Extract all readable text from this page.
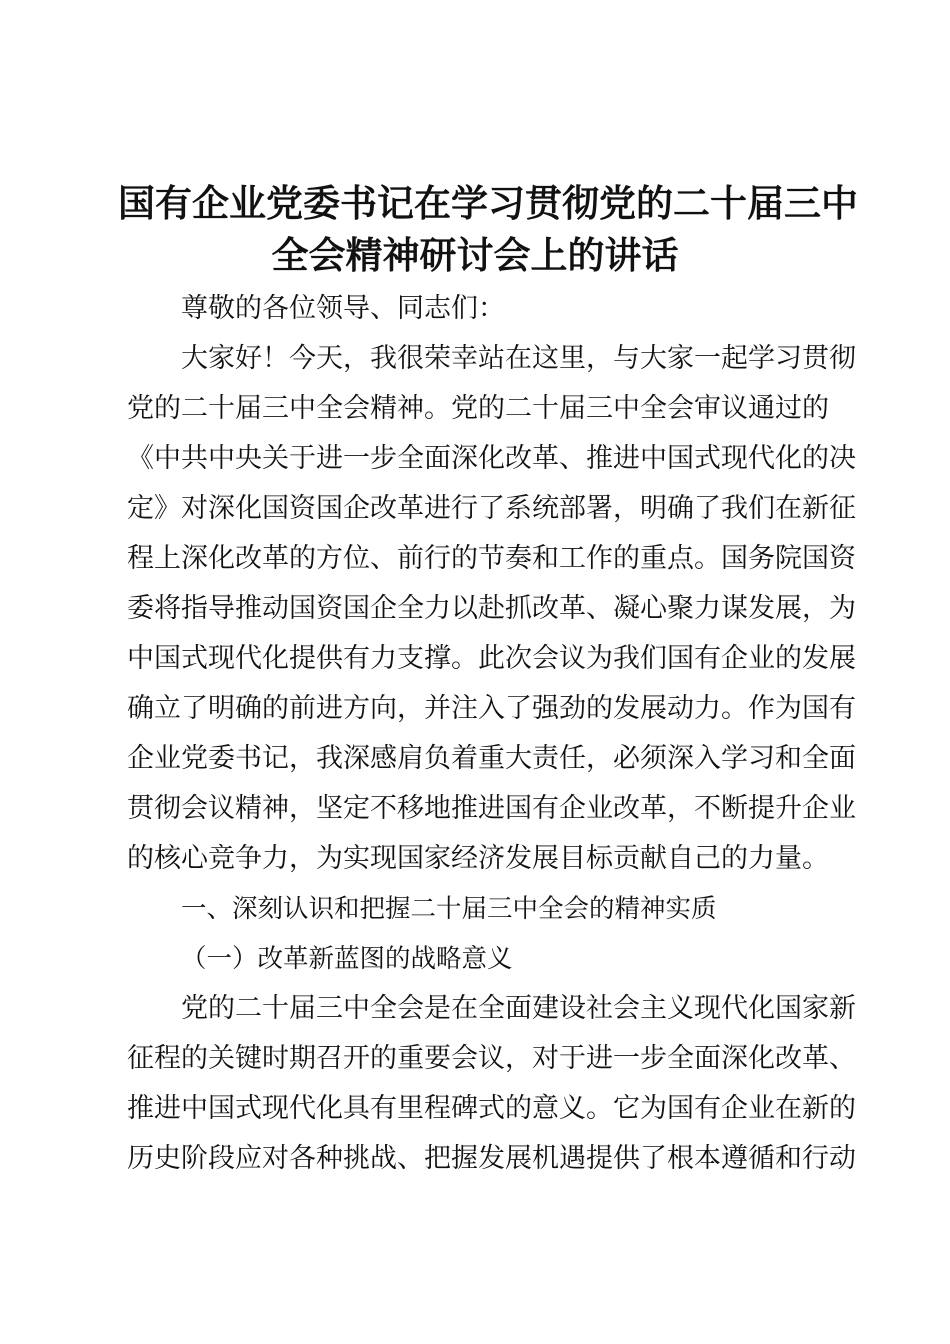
国有企业党委书记在学习贯彻党的二十届三中
全会精神研讨会上的讲话

尊敬的各位领导、同志们：

大家好！今天，我很荣幸站在这里，与大家一起学习贯彻
党的二十届三中全会精神。党的二十届三中全会审议通过的
《中共中央关于进一步全面深化改革、推进中国式现代化的决
定》对深化国资国企改革进行了系统部署，明确了我们在新征
程上深化改革的方位、前行的节奏和工作的重点。国务院国资
委将指导推动国资国企全力以赴抓改革、凝心聚力谋发展，为
中国式现代化提供有力支撑。此次会议为我们国有企业的发展
确立了明确的前进方向，并注入了强劲的发展动力。作为国有
企业党委书记，我深感肩负着重大责任，必须深入学习和全面
贯彻会议精神，坚定不移地推进国有企业改革，不断提升企业
的核心竞争力，为实现国家经济发展目标贡献自己的力量。

一、深刻认识和把握二十届三中全会的精神实质

（一）改革新蓝图的战略意义

党的二十届三中全会是在全面建设社会主义现代化国家新
征程的关键时期召开的重要会议，对于进一步全面深化改革、
推进中国式现代化具有里程碑式的意义。它为国有企业在新的
历史阶段应对各种挑战、把握发展机遇提供了根本遵循和行动
